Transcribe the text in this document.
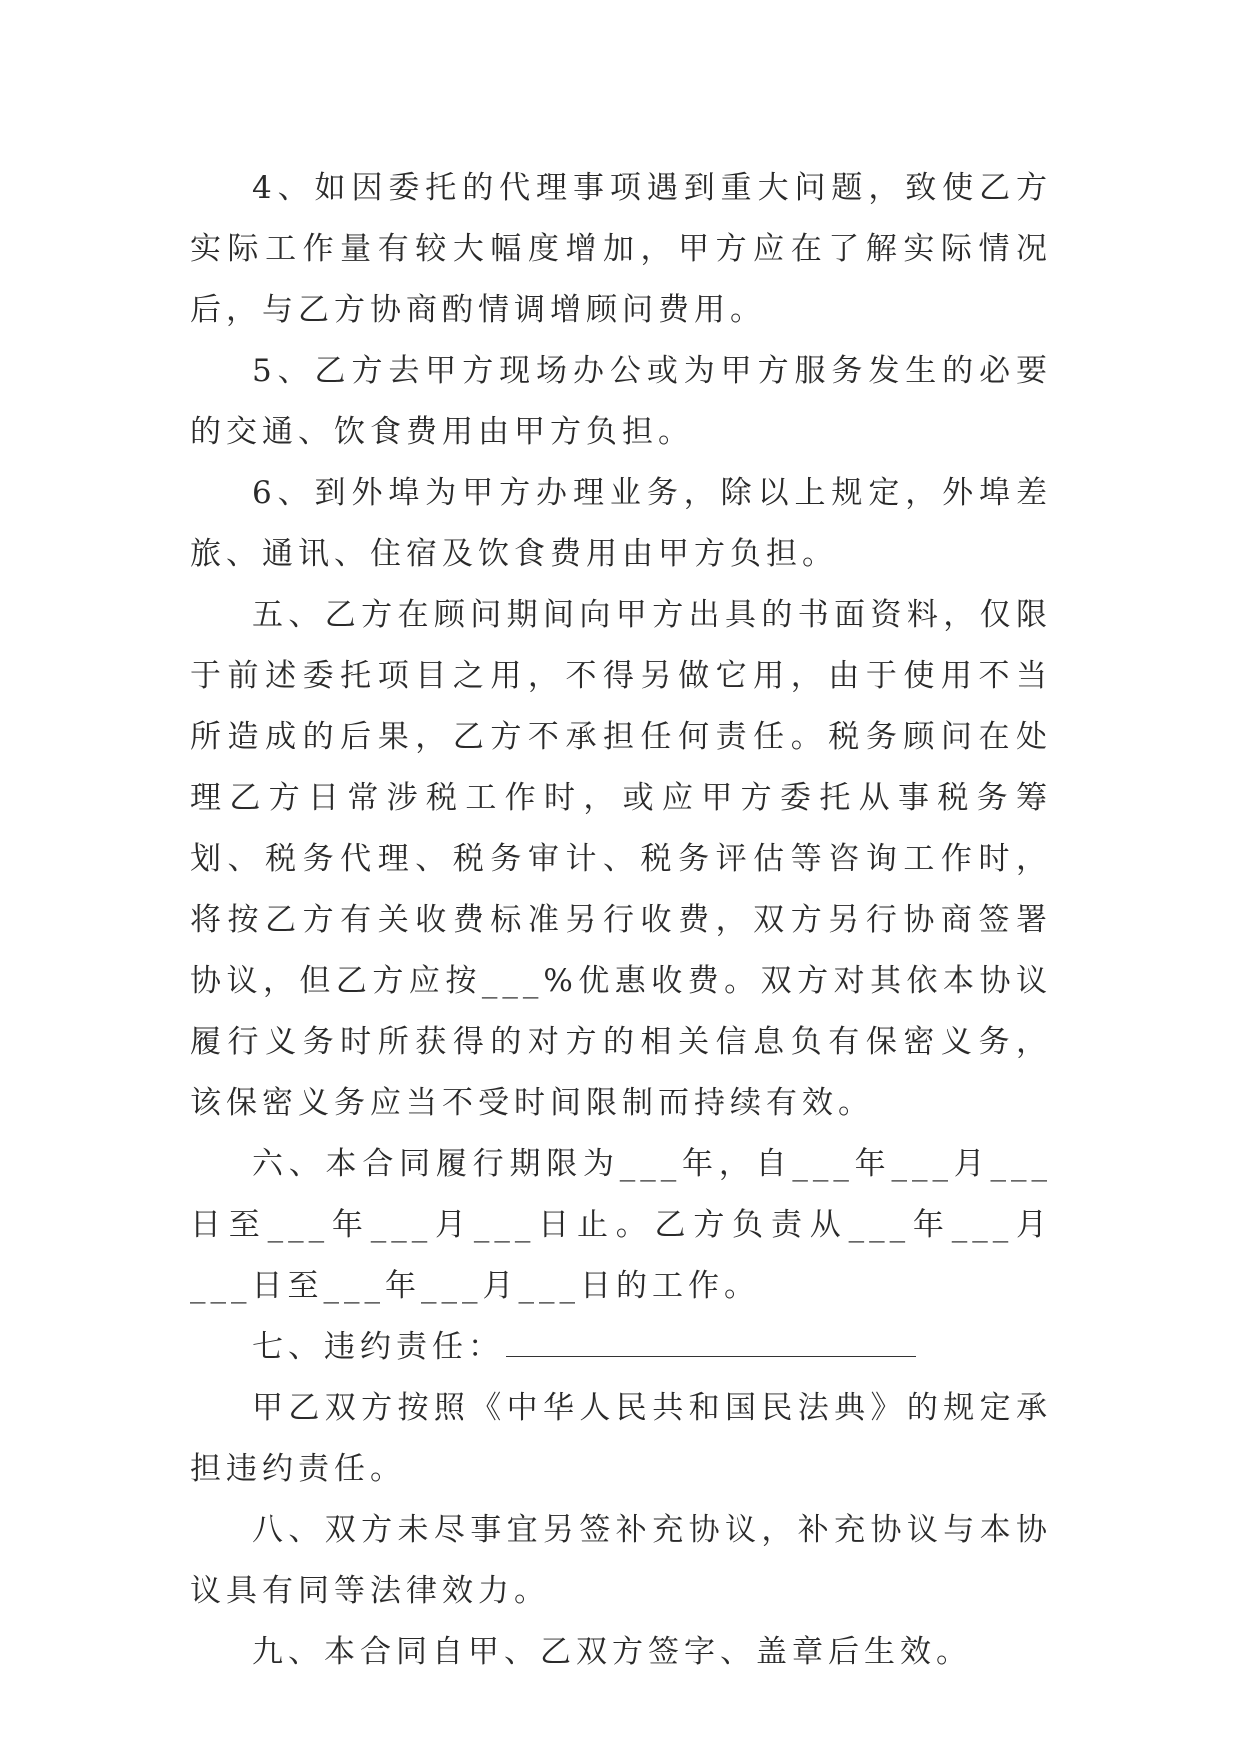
4、如因委托的代理事项遇到重大问题，致使乙方实际工作量有较大幅度增加，甲方应在了解实际情况后，与乙方协商酌情调增顾问费用。

5、乙方去甲方现场办公或为甲方服务发生的必要的交通、饮食费用由甲方负担。

6、到外埠为甲方办理业务，除以上规定，外埠差旅、通讯、住宿及饮食费用由甲方负担。

五、乙方在顾问期间向甲方出具的书面资料，仅限于前述委托项目之用，不得另做它用，由于使用不当所造成的后果，乙方不承担任何责任。税务顾问在处理乙方日常涉税工作时，或应甲方委托从事税务筹划、税务代理、税务审计、税务评估等咨询工作时，将按乙方有关收费标准另行收费，双方另行协商签署协议，但乙方应按___%优惠收费。双方对其依本协议履行义务时所获得的对方的相关信息负有保密义务，该保密义务应当不受时间限制而持续有效。

六、本合同履行期限为___年，自___年___月___日至___年___月___日止。乙方负责从___年___月___日至___年___月___日的工作。

七、违约责任：

甲乙双方按照《中华人民共和国民法典》的规定承担违约责任。

八、双方未尽事宜另签补充协议，补充协议与本协议具有同等法律效力。

九、本合同自甲、乙双方签字、盖章后生效。
